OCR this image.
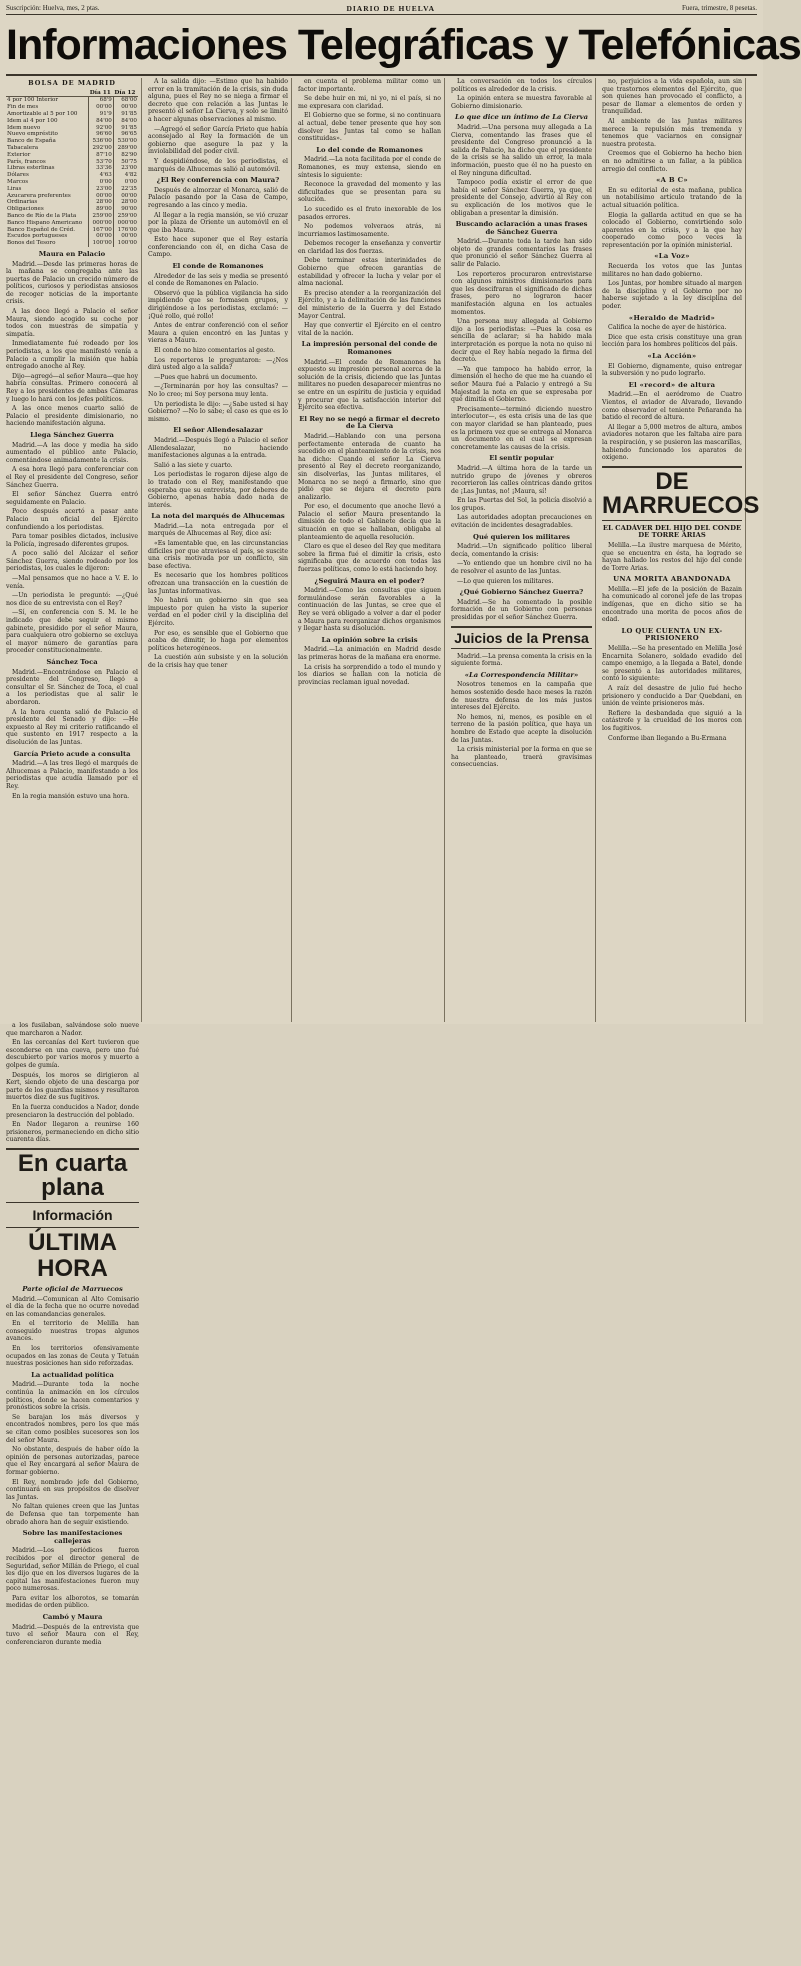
Suscripción: Huelva, mes, 2 ptas.	DIARIO DE HUELVA	Fuera, trimestre, 8 pesetas.
Informaciones Telegráficas y Telefónicas
BOLSA DE MADRID
	Día 11	Día 12
4 por 100 Interior	68'9	68'00
Fin de mes	00'00	00'00
Amortizable al 5 por 100	91'9	91'85
Idem al 4 por 100	84'00	84'00
Idem nuevo	92'00	91'85
Nuevo empréstito	96'60	96'65
Banco de España	536'00	530'00
Tabacalera	292'00	289'00
Exterior	87'10	82'90
París, francos	53'70	50'75
Libras esterlinas	33'36	23'00
Dólares	4'63	4'82
Marcos	0'00	0'00
Liras	23'00	22'35
Azucarera preferentes	00'00	00'00
Ordinarias	28'00	28'00
Obligaciones	89'00	90'00
Banco de Río de la Plata	259'00	259'00
Banco Hispano Americano	000'00	000'00
Banco Español de Créd.	167'00	176'00
Escudos portugueses	00'00	00'00
Bonos del Tesoro	100'00	100'00
Maura en Palacio

Madrid.—Desde las primeras horas de la mañana se congregaba ante las puertas de Palacio un crecido número de políticos, curiosos y periodistas ansiosos de recoger noticias de la importante crisis.

A las doce llegó a Palacio el señor Maura, siendo acogido su coche por todos con muestras de simpatía y simpatía.

Inmediatamente fué rodeado por los periodistas, a los que manifestó venía a Palacio a cumplir la misión que había entregado anoche al Rey.

Dijo—agregó—al señor Maura—que hoy habría consultas. Primero conocerá al Rey a los presidentes de ambas Cámaras y luego lo hará con los jefes políticos.

A las once menos cuarto salió de Palacio el presidente dimisionario, no haciendo manifestación alguna.

Llega Sánchez Guerra

Madrid.—A las doce y media ha sido aumentado el público ante Palacio, comentándose animadamente la crisis.

A esa hora llegó para conferenciar con el Rey el presidente del Congreso, señor Sánchez Guerra.

El señor Sánchez Guerra entró seguidamente en Palacio.

Poco después acertó a pasar ante Palacio un oficial del Ejército confundiendo a los periodistas.

Para tomar posibles dictados, inclusive la Policía, ingresado diferentes grupos.

A poco salió del Alcázar el señor Sánchez Guerra, siendo rodeado por los periodistas, los cuales le dijeron:

—Mal pensamos que no hace a V. E. lo venía.

—Un periodista le preguntó: —¿Qué nos dice de su entrevista con el Rey?

—Sí, en conferencia con S. M. le he indicado que debe seguir el mismo gabinete, presidido por el señor Maura, para cualquiera otro gobierno se excluya el mayor número de garantías para proceder constitucionalmente.

Sánchez Toca

Madrid.—Encontrándose en Palacio el presidente del Congreso, llegó a consultar el Sr. Sánchez de Toca, el cual a los periodistas que al salir le abordaron.

A la hora cuenta salió de Palacio el presidente del Senado y dijo: —He expuesto al Rey mi criterio ratificando el que sustento en 1917 respecto a la disolución de las Juntas.

García Prieto acude a consulta

Madrid.—A las tres llegó el marqués de Alhucemas a Palacio, manifestando a los periodistas que acudía llamado por el Rey.

En la regia mansión estuvo una hora.

A la salida dijo: —Estimo que ha habido error en la tramitación de la crisis, sin duda alguna, pues el Rey no se niega a firmar el decreto que con relación a las Juntas le presentó el señor La Cierva, y solo se limitó a hacer algunas observaciones al mismo.

—Agregó el señor García Prieto que había aconsejado al Rey la formación de un gobierno que asegure la paz y la inviolabilidad del poder civil.

Y despidiéndose, de los periodistas, el marqués de Alhucemas salió al automóvil.

¿El Rey conferencia con Maura?

Después de almorzar el Monarca, salió de Palacio pasando por la Casa de Campo, regresando a las cinco y media.

Al llegar a la regia mansión, se vió cruzar por la plaza de Oriente un automóvil en el que iba Maura.

Esto hace suponer que el Rey estaría conferenciando con él, en dicha Casa de Campo.

El conde de Romanones

Alrededor de las seis y media se presentó el conde de Romanones en Palacio.

Observó que la pública vigilancia ha sido impidiendo que se formasen grupos, y dirigiéndose a los periodistas, exclamó: —¡Qué rollo, qué rollo!

Antes de entrar conferenció con el señor Maura a quien encontró en las Juntas y vieras a Maura.

El conde no hizo comentarios al gesto.

Los reporteros le preguntaron: —¿Nos dirá usted algo a la salida?

—Pues que habrá un documento.

—¿Terminarán por hoy las consultas? —No lo creo; mi Soy persona muy lenta.

Un periodista le dijo: —¿Sabe usted si hay Gobierno? —No lo sabe; el caso es que es lo mismo.

El señor Allendesalazar

Madrid.—Después llegó a Palacio el señor Allendesalazar, no haciendo manifestaciones algunas a la entrada.

Salió a las siete y cuarto.

Los periodistas le rogaron dijese algo de lo tratado con el Rey, manifestando que esperaba que su entrevista, por deberes de Gobierno, apenas había dado nada de interés.

La nota del marqués de Alhucemas

Madrid.—La nota entregada por el marqués de Alhucemas al Rey, dice así:

«Es lamentable que, en las circunstancias difíciles por que atraviesa el país, se suscite una crisis motivada por un conflicto, sin base efectiva.

Es necesario que los hombres políticos ofrezcan una transacción en la cuestión de las Juntas informativas.

No habrá un gobierno sin que sea impuesto por quien ha visto la superior verdad en el poder civil y la disciplina del Ejército.

Por eso, es sensible que el Gobierno que acaba de dimitir, lo haga por elementos políticos heterogéneos.

La cuestión aún subsiste y en la solución de la crisis hay que tener

en cuenta el problema militar como un factor importante.

Se debe huir en mi, ni yo, ni el país, si no me expresara con claridad.

El Gobierno que se forme, si no continuara al actual, debe tener presente que hoy son disolver las Juntas tal como se hallan constituidas».

Lo del conde de Romanones

Madrid.—La nota facilitada por el conde de Romanones, es muy extensa, siendo en síntesis lo siguiente:

Reconoce la gravedad del momento y las dificultades que se presentan para su solución.

Lo sucedido es el fruto inexorable de los pasados errores.

No podemos volveraos atrás, ni incurriamos lastimosamente.

Debemos recoger la enseñanza y convertir en claridad las dos fuerzas.

Debe terminar estas interinidades de Gobierno que ofrecen garantías de estabilidad y ofrecer la lucha y velar por el alma nacional.

Es preciso atender a la reorganización del Ejército, y a la delimitación de las funciones del ministerio de la Guerra y del Estado Mayor Central.

Hay que convertir el Ejército en el centro vital de la nación.

La impresión personal del conde de Romanones

Madrid.—El conde de Romanones ha expuesto su impresión personal acerca de la solución de la crisis, diciendo que las Juntas militares no pueden desaparecer mientras no se entre en un espíritu de justicia y equidad y procurar que la satisfacción interior del Ejército sea efectiva.

El Rey no se negó a firmar el decreto de La Cierva

Madrid.—Hablando con una persona perfectamente enterada de cuanto ha sucedido en el planteamiento de la crisis, nos ha dicho: Cuando el señor La Cierva presentó al Rey el decreto reorganizando, sin disolverlas, las Juntas militares, el Monarca no se negó a firmarlo, sino que pidió que se dejara el decreto para analizarlo.

Por eso, el documento que anoche llevó a Palacio el señor Maura presentando la dimisión de todo el Gabinete decía que la situación en que se hallaban, obligaba al planteamiento de aquella resolución.

Claro es que el deseo del Rey que meditara sobre la firma fué el dimitir la crisis, esto significaba que de acuerdo con todas las fuerzas políticas, como lo está haciendo hoy.

¿Seguirá Maura en el poder?

Madrid.—Como las consultas que siguen formulándose serán favorables a la continuación de las Juntas, se cree que el Rey se verá obligado a volver a dar el poder a Maura para reorganizar dichos organismos y llegar hasta su disolución.

La opinión sobre la crisis

Madrid.—La animación en Madrid desde las primeras horas de la mañana era enorme.

La crisis ha sorprendido a todo el mundo y los diarios se hallan con la noticia de provincias reclaman igual novedad.

La conversación en todos los círculos políticos es alrededor de la crisis.

La opinión entera se muestra favorable al Gobierno dimisionario.

Lo que dice un íntimo de La Cierva

Madrid.—Una persona muy allegada a La Cierva, comentando las frases que el presidente del Congreso pronunció a la salida de Palacio, ha dicho que el presidente de la crisis se ha salido un error, la mala información, puesto que él no ha puesto en el Rey ninguna dificultad.

Tampoco podía existir el error de que había el señor Sánchez Guerra, ya que, el presidente del Consejo, advirtió al Rey con su explicación de los motivos que le obligaban a presentar la dimisión.

Buscando aclaración a unas frases de Sánchez Guerra

Madrid.—Durante toda la tarde han sido objeto de grandes comentarios las frases que pronunció el señor Sánchez Guerra al salir de Palacio.

Los reporteros procuraron entrevistarse con algunos ministros dimisionarios para que les descifraran el significado de dichas frases, pero no lograron hacer manifestación alguna en los actuales momentos.

Una persona muy allegada al Gobierno dijo a los periodistas: —Pues la cosa es sencilla de aclarar; si ha habido mala interpretación es porque la nota no quiso ni decir que el Rey había negado la firma del decreto.

—Ya que tampoco ha habido error, la dimensión el hecho de que me ha cuando el señor Maura fué a Palacio y entregó a Su Majestad la nota en que se expresaba por qué dimitía el Gobierno.

Precisamente—terminó diciendo nuestro interlocutor—, es esta crisis una de las que con mayor claridad se han planteado, pues es la primera vez que se entrega al Monarca un documento en el cual se expresan concretamente las causas de la crisis.

El sentir popular

Madrid.—A última hora de la tarde un nutrido grupo de jóvenes y obreros recorrieron las calles céntricas dando gritos de ¡Las Juntas, no! ¡Maura, sí!

En las Puertas del Sol, la policía disolvió a los grupos.

Las autoridades adoptan precauciones en evitación de incidentes desagradables.

Qué quieren los militares

Madrid.—Un significado político liberal decía, comentando la crisis:

—Yo entiendo que un hombre civil no ha de resolver el asunto de las Juntas.

—Lo que quieren los militares.

¿Qué Gobierno Sánchez Guerra?

Madrid.—Se ha comentado la posible formación de un Gobierno con personas presididas por el señor Sánchez Guerra.

Juicios de la Prensa

Madrid.—La prensa comenta la crisis en la siguiente forma.

«La Correspondencia Militar»

Nosotros tenemos en la campaña que hemos sostenido desde hace meses la razón de nuestra defensa de los más justos intereses del Ejército.

No hemos, ni, menos, es posible en el terreno de la pasión política, que haya un hombre de Estado que acepte la disolución de las Juntas.

La crisis ministerial por la forma en que se ha planteado, traerá gravísimas consecuencias.

no, perjuicios a la vida española, aun sin que trastornos elementos del Ejército, que son quienes han provocado el conflicto, a pesar de llamar a elementos de orden y tranquilidad.

Al ambiente de las Juntas militares merece la repulsión más tremenda y tenemos que vaciarnos en consignar nuestra protesta.

Creemos que el Gobierno ha hecho bien en no admitirse a un fallar, a la pública arregio del conflicto.

«A B C»

En su editorial de esta mañana, publica un notabilísimo artículo tratando de la actual situación política.

Elogia la gallarda actitud en que se ha colocado el Gobierno, convirtiendo solo aparentes en la crisis, y a la que hay cooperado como poco veces la representación por la opinión ministerial.

«La Voz»

Recuerda los votos que las Juntas militares no han dado gobierno.

Los Juntas, por hombre situado al margen de la disciplina y el Gobierno por no haberse sujetado a la ley disciplina del poder.

«Heraldo de Madrid»

Califica la noche de ayer de histórica.

Dice que esta crisis constituye una gran lección para los hombres políticos del país.

«La Acción»

El Gobierno, dignamente, quiso entregar la subversión y no pudo lograrlo.

El «record» de altura

Madrid.—En el aeródromo de Cuatro Vientos, el aviador de Alvarado, llevando como observador el teniente Peñaranda ha batido el record de altura.

Al llegar a 5,000 metros de altura, ambos aviadores notaron que les faltaba aire para la respiración, y se pusieron las mascarillas, habiendo funcionado los aparatos de oxígeno.

DE MARRUECOS
EL CADÁVER DEL HIJO DEL CONDE DE TORRE ARIAS

Melilla.—La ilustre marquesa de Mérito, que se encuentra en ésta, ha logrado se hayan hallado los restos del hijo del conde de Torre Arias.

UNA MORITA ABANDONADA

Melilla.—El jefe de la posición de Bazain ha comunicado al coronel jefe de las tropas indígenas, que en dicho sitio se ha encontrado una morita de pocos años de edad.

LO QUE CUENTA UN EX-PRISIONERO

Melilla.—Se ha presentado en Melilla José Encarnita Solanero, soldado evadido del campo enemigo, a la llegada a Batel, donde se presentó a las autoridades militares, contó lo siguiente:

A raíz del desastre de julio fué hecho prisionero y conducido a Dar Quebdani, en unión de veinte prisioneros más.

Refiere la desbandada que siguió a la catástrofe y la crueldad de los moros con los fugitivos.

Conforme iban llegando a Bu-Ermana

a los fusilaban, salvándose solo nueve que marcharon a Nador.

En las cercanías del Kert tuvieron que esconderse en una cueva, pero uno fué descubierto por varios moros y muerto a golpes de gumía.

Después, los moros se dirigieron al Kert, siendo objeto de una descarga por parte de los guardias mismos y resultaron muertos diez de sus fugitivos.

En la fuerza conducidos a Nador, donde presenciaron la destrucción del poblado.

En Nador llegaron a reunirse 160 prisioneros, permaneciendo en dicho sitio cuarenta días.

En cuarta plana
Información
ÚLTIMA HORA
Parte oficial de Marruecos

Madrid.—Comunican al Alto Comisario el día de la fecha que no ocurre novedad en las comandancias generales.

En el territorio de Melilla han conseguido nuestras tropas algunos avances.

En los territorios ofensivamente ocupados en las zonas de Ceuta y Tetuán nuestras posiciones han sido reforzadas.

La actualidad política

Madrid.—Durante toda la noche continúa la animación en los círculos políticos, donde se hacen comentarios y pronósticos sobre la crisis.

Se barajan los más diversos y encontrados nombres, pero los que más se citan como posibles sucesores son los del señor Maura.

No obstante, después de haber oído la opinión de personas autorizadas, parece que el Rey encargará al señor Maura de formar gobierno.

El Rey, nombrado jefe del Gobierno, continuará en sus propósitos de disolver las Juntas.

No faltan quienes creen que las Juntas de Defensa que tan torpemente han obrado ahora han de seguir existiendo.

Sobre las manifestaciones callejeras

Madrid.—Los periódicos fueron recibidos por el director general de Seguridad, señor Millán de Priego, el cual les dijo que en los diversos lugares de la capital las manifestaciones fueron muy poco numerosas.

Para evitar los alborotos, se tomarán medidas de orden público.

Cambó y Maura

Madrid.—Después de la entrevista que tuvo el señor Maura con el Rey, conferenciaron durante media
